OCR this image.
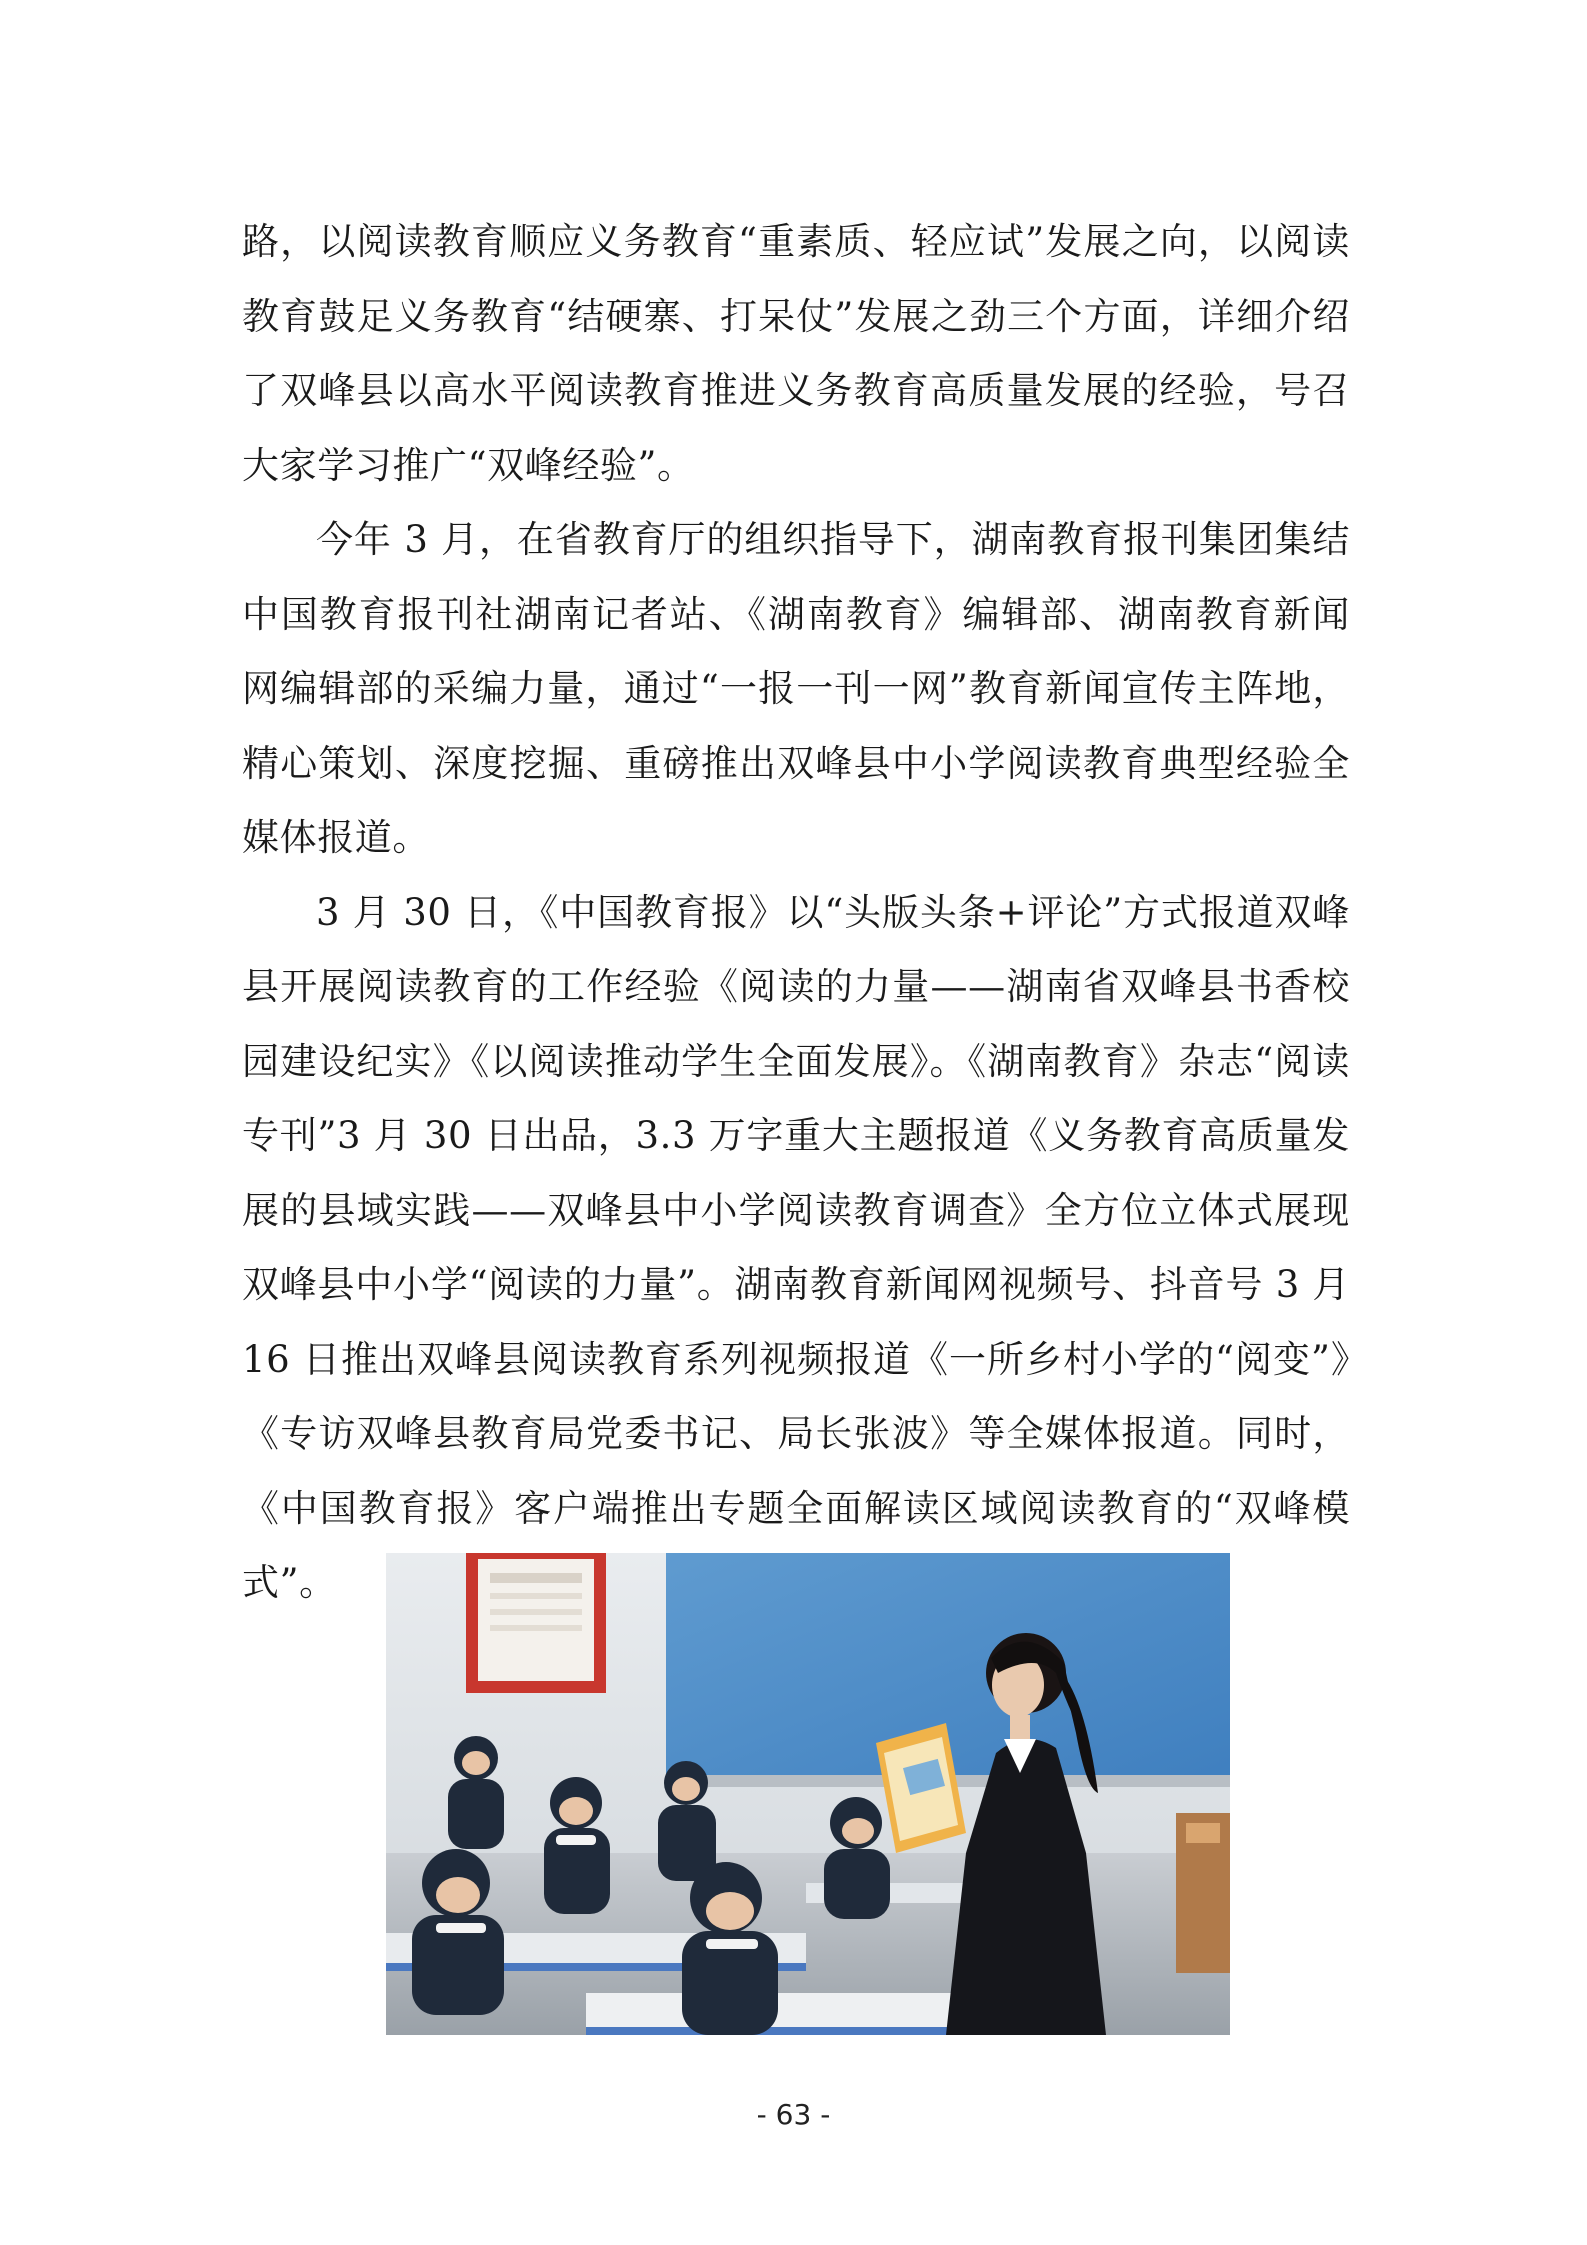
路，以阅读教育顺应义务教育“重素质、轻应试”发展之向，以阅读教育鼓足义务教育“结硬寨、打呆仗”发展之劲三个方面，详细介绍了双峰县以高水平阅读教育推进义务教育高质量发展的经验，号召大家学习推广“双峰经验”。

今年 3 月，在省教育厅的组织指导下，湖南教育报刊集团集结中国教育报刊社湖南记者站、《湖南教育》编辑部、湖南教育新闻网编辑部的采编力量，通过“一报一刊一网”教育新闻宣传主阵地，精心策划、深度挖掘、重磅推出双峰县中小学阅读教育典型经验全媒体报道。

3 月 30 日，《中国教育报》以“头版头条+评论”方式报道双峰县开展阅读教育的工作经验《阅读的力量——湖南省双峰县书香校园建设纪实》《以阅读推动学生全面发展》。《湖南教育》杂志“阅读专刊”3 月 30 日出品，3.3 万字重大主题报道《义务教育高质量发展的县域实践——双峰县中小学阅读教育调查》全方位立体式展现双峰县中小学“阅读的力量”。湖南教育新闻网视频号、抖音号 3 月 16 日推出双峰县阅读教育系列视频报道《一所乡村小学的“阅变”》《专访双峰县教育局党委书记、局长张波》等全媒体报道。同时，《中国教育报》客户端推出专题全面解读区域阅读教育的“双峰模式”。

- 63 -
